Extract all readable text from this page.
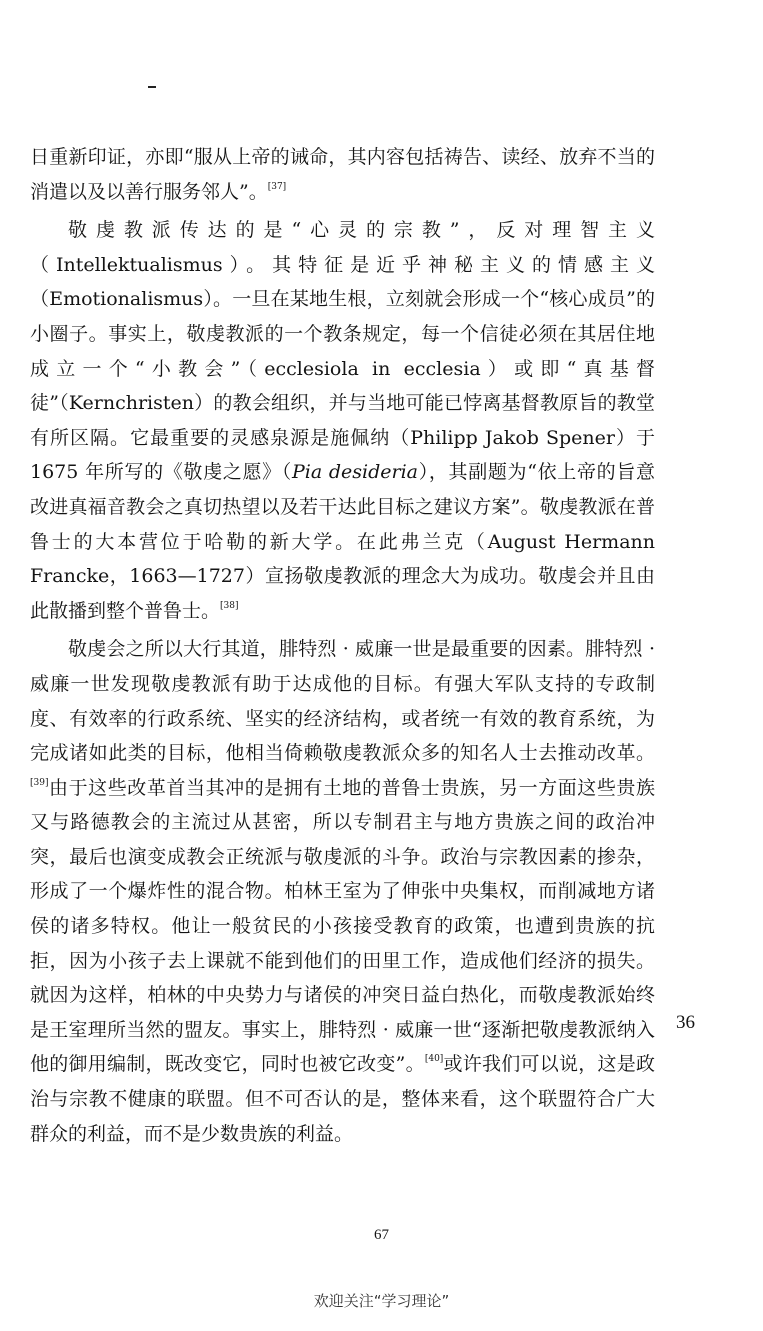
日重新印证，亦即“服从上帝的诫命，其内容包括祷告、读经、放弃不当的消遣以及以善行服务邻人”。[37]

敬虔教派传达的是“心灵的宗教”，反对理智主义（Intellektualismus）。其特征是近乎神秘主义的情感主义（Emotionalismus）。一旦在某地生根，立刻就会形成一个“核心成员”的小圈子。事实上，敬虔教派的一个教条规定，每一个信徒必须在其居住地成立一个“小教会”（ecclesiola in ecclesia）或即“真基督徒”（Kernchristen）的教会组织，并与当地可能已悖离基督教原旨的教堂有所区隔。它最重要的灵感泉源是施佩纳（Philipp Jakob Spener）于 1675 年所写的《敬虔之愿》（Pia desideria），其副题为“依上帝的旨意改进真福音教会之真切热望以及若干达此目标之建议方案”。敬虔教派在普鲁士的大本营位于哈勒的新大学。在此弗兰克（August Hermann Francke，1663—1727）宣扬敬虔教派的理念大为成功。敬虔会并且由此散播到整个普鲁士。[38]

敬虔会之所以大行其道，腓特烈 · 威廉一世是最重要的因素。腓特烈 · 威廉一世发现敬虔教派有助于达成他的目标。有强大军队支持的专政制度、有效率的行政系统、坚实的经济结构，或者统一有效的教育系统，为完成诸如此类的目标，他相当倚赖敬虔教派众多的知名人士去推动改革。[39]由于这些改革首当其冲的是拥有土地的普鲁士贵族，另一方面这些贵族又与路德教会的主流过从甚密，所以专制君主与地方贵族之间的政治冲突，最后也演变成教会正统派与敬虔派的斗争。政治与宗教因素的掺杂，形成了一个爆炸性的混合物。柏林王室为了伸张中央集权，而削减地方诸侯的诸多特权。他让一般贫民的小孩接受教育的政策，也遭到贵族的抗拒，因为小孩子去上课就不能到他们的田里工作，造成他们经济的损失。就因为这样，柏林的中央势力与诸侯的冲突日益白热化，而敬虔教派始终是王室理所当然的盟友。事实上，腓特烈 · 威廉一世“逐渐把敬虔教派纳入他的御用编制，既改变它，同时也被它改变”。[40]或许我们可以说，这是政治与宗教不健康的联盟。但不可否认的是，整体来看，这个联盟符合广大群众的利益，而不是少数贵族的利益。

36
67
欢迎关注“学习理论”
